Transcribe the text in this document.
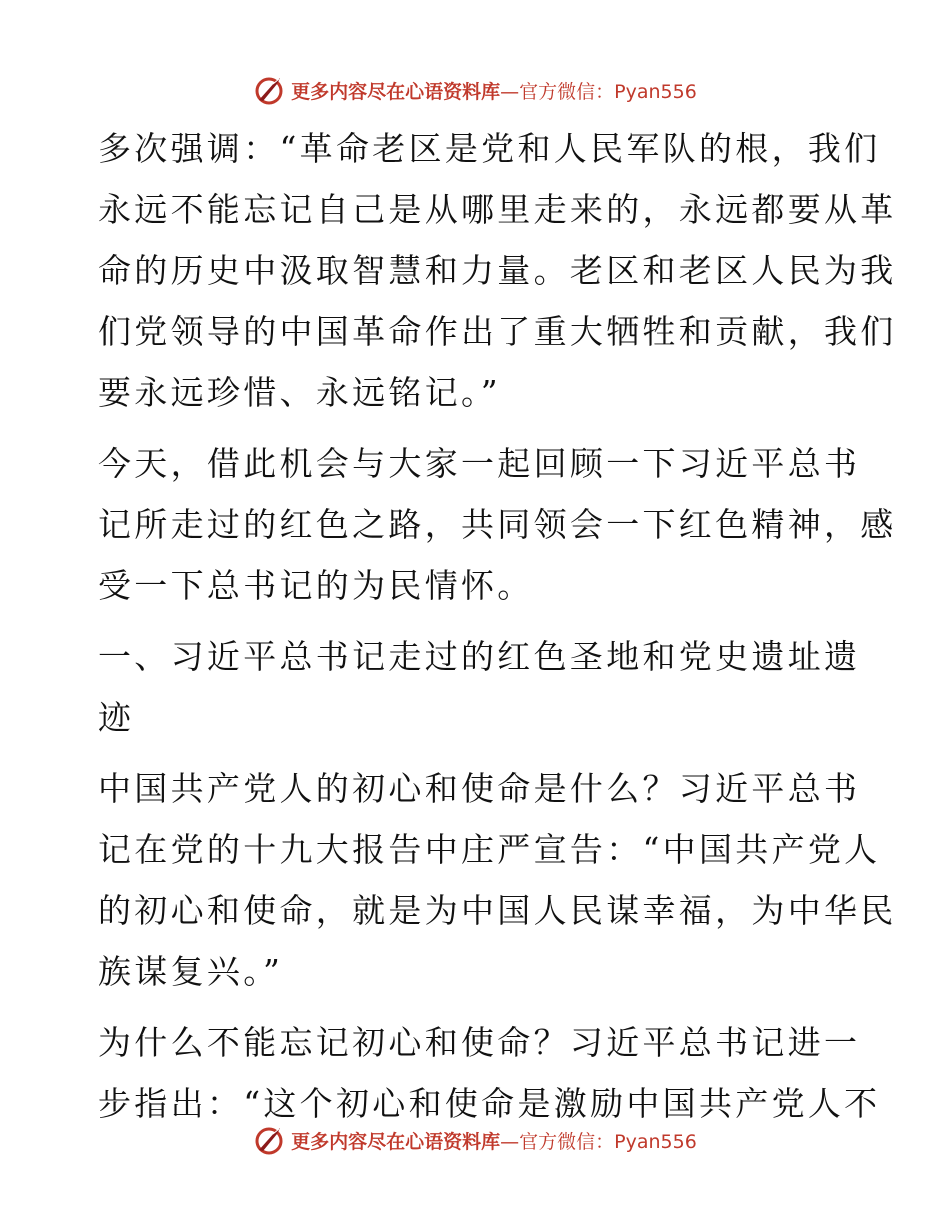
更多内容尽在心语资料库 —官方微信：Pyan556

多次强调：“革命老区是党和人民军队的根，我们
永远不能忘记自己是从哪里走来的，永远都要从革
命的历史中汲取智慧和力量。老区和老区人民为我
们党领导的中国革命作出了重大牺牲和贡献，我们
要永远珍惜、永远铭记。”

今天，借此机会与大家一起回顾一下习近平总书
记所走过的红色之路，共同领会一下红色精神，感
受一下总书记的为民情怀。

一、习近平总书记走过的红色圣地和党史遗址遗
迹

中国共产党人的初心和使命是什么？习近平总书
记在党的十九大报告中庄严宣告：“中国共产党人
的初心和使命，就是为中国人民谋幸福，为中华民
族谋复兴。”

为什么不能忘记初心和使命？习近平总书记进一
步指出：“这个初心和使命是激励中国共产党人不

更多内容尽在心语资料库 —官方微信：Pyan556
